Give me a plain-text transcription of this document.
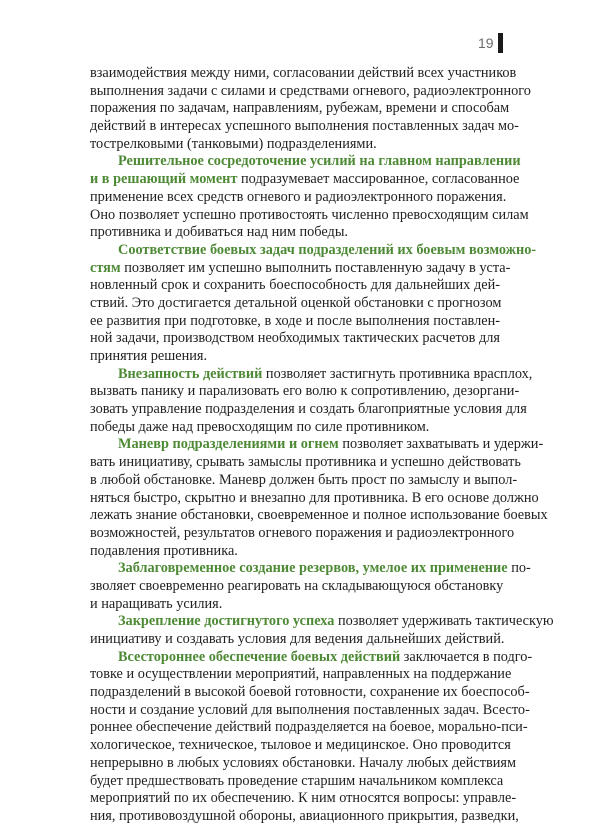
19
взаимодействия между ними, согласовании действий всех участников
выполнения задачи с силами и средствами огневого, радиоэлектронного
поражения по задачам, направлениям, рубежам, времени и способам
действий в интересах успешного выполнения поставленных задач мо-
тострелковыми (танковыми) подразделениями.
Решительное сосредоточение усилий на главном направлении
и в решающий момент подразумевает массированное, согласованное
применение всех средств огневого и радиоэлектронного поражения.
Оно позволяет успешно противостоять численно превосходящим силам
противника и добиваться над ним победы.
Соответствие боевых задач подразделений их боевым возможно-
стям позволяет им успешно выполнить поставленную задачу в уста-
новленный срок и сохранить боеспособность для дальнейших дей-
ствий. Это достигается детальной оценкой обстановки с прогнозом
ее развития при подготовке, в ходе и после выполнения поставлен-
ной задачи, производством необходимых тактических расчетов для
принятия решения.
Внезапность действий позволяет застигнуть противника врасплох,
вызвать панику и парализовать его волю к сопротивлению, дезоргани-
зовать управление подразделения и создать благоприятные условия для
победы даже над превосходящим по силе противником.
Маневр подразделениями и огнем позволяет захватывать и удержи-
вать инициативу, срывать замыслы противника и успешно действовать
в любой обстановке. Маневр должен быть прост по замыслу и выпол-
няться быстро, скрытно и внезапно для противника. В его основе должно
лежать знание обстановки, своевременное и полное использование боевых
возможностей, результатов огневого поражения и радиоэлектронного
подавления противника.
Заблаговременное создание резервов, умелое их применение по-
зволяет своевременно реагировать на складывающуюся обстановку
и наращивать усилия.
Закрепление достигнутого успеха позволяет удерживать тактическую
инициативу и создавать условия для ведения дальнейших действий.
Всестороннее обеспечение боевых действий заключается в подго-
товке и осуществлении мероприятий, направленных на поддержание
подразделений в высокой боевой готовности, сохранение их боеспособ-
ности и создание условий для выполнения поставленных задач. Всесто-
роннее обеспечение действий подразделяется на боевое, морально-пси-
хологическое, техническое, тыловое и медицинское. Оно проводится
непрерывно в любых условиях обстановки. Началу любых действиям
будет предшествовать проведение старшим начальником комплекса
мероприятий по их обеспечению. К ним относятся вопросы: управле-
ния, противовоздушной обороны, авиационного прикрытия, разведки,
